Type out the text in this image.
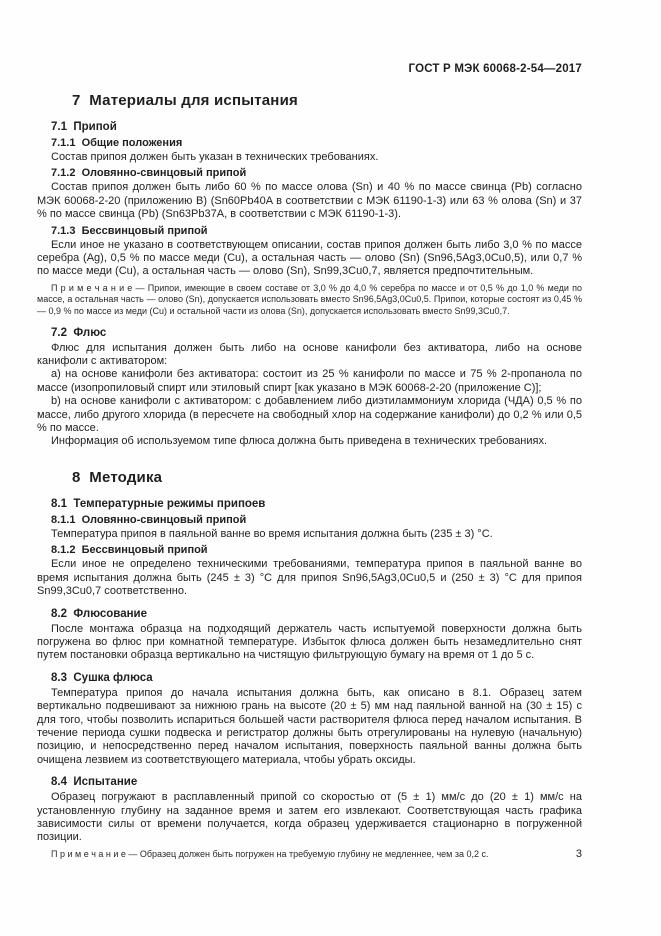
ГОСТ Р МЭК 60068-2-54—2017
7  Материалы для испытания
7.1  Припой
7.1.1  Общие положения

Состав припоя должен быть указан в технических требованиях.

7.1.2  Оловянно-свинцовый припой

Состав припоя должен быть либо 60 % по массе олова (Sn) и 40 % по массе свинца (Pb) согласно МЭК 60068-2-20 (приложению B) (Sn60Pb40A в соответствии с МЭК 61190-1-3) или 63 % олова (Sn) и 37 % по массе свинца (Pb) (Sn63Pb37A, в соответствии с МЭК 61190-1-3).

7.1.3  Бессвинцовый припой

Если иное не указано в соответствующем описании, состав припоя должен быть либо 3,0 % по массе серебра (Ag), 0,5 % по массе меди (Cu), а остальная часть — олово (Sn) (Sn96,5Ag3,0Cu0,5), или 0,7 % по массе меди (Cu), а остальная часть — олово (Sn), Sn99,3Cu0,7, является предпочтительным.

П р и м е ч а н и е — Припои, имеющие в своем составе от 3,0 % до 4,0 % серебра по массе и от 0,5 % до 1,0 % меди по массе, а остальная часть — олово (Sn), допускается использовать вместо Sn96,5Ag3,0Cu0,5. Припои, которые состоят из 0,45 % — 0,9 % по массе из меди (Cu) и остальной части из олова (Sn), допускается использовать вместо Sn99,3Cu0,7.

7.2  Флюс

Флюс для испытания должен быть либо на основе канифоли без активатора, либо на основе канифоли с активатором:

a) на основе канифоли без активатора: состоит из 25 % канифоли по массе и 75 % 2-пропанола по массе (изопропиловый спирт или этиловый спирт [как указано в МЭК 60068-2-20 (приложение C)];

b) на основе канифоли с активатором: с добавлением либо диэтиламмониум хлорида (ЧДА) 0,5 % по массе, либо другого хлорида (в пересчете на свободный хлор на содержание канифоли) до 0,2 % или 0,5 % по массе.

Информация об используемом типе флюса должна быть приведена в технических требованиях.

8  Методика
8.1  Температурные режимы припоев
8.1.1  Оловянно-свинцовый припой

Температура припоя в паяльной ванне во время испытания должна быть (235 ± 3) °C.

8.1.2  Бессвинцовый припой

Если иное не определено техническими требованиями, температура припоя в паяльной ванне во время испытания должна быть (245 ± 3) °C для припоя Sn96,5Ag3,0Cu0,5 и (250 ± 3) °C для припоя Sn99,3Cu0,7 соответственно.

8.2  Флюсование

После монтажа образца на подходящий держатель часть испытуемой поверхности должна быть погружена во флюс при комнатной температуре. Избыток флюса должен быть незамедлительно снят путем постановки образца вертикально на чистящую фильтрующую бумагу на время от 1 до 5 с.

8.3  Сушка флюса

Температура припоя до начала испытания должна быть, как описано в 8.1. Образец затем вертикально подвешивают за нижнюю грань на высоте (20 ± 5) мм над паяльной ванной на (30 ± 15) с для того, чтобы позволить испариться большей части растворителя флюса перед началом испытания. В течение периода сушки подвеска и регистратор должны быть отрегулированы на нулевую (начальную) позицию, и непосредственно перед началом испытания, поверхность паяльной ванны должна быть очищена лезвием из соответствующего материала, чтобы убрать оксиды.

8.4  Испытание

Образец погружают в расплавленный припой со скоростью от (5 ± 1) мм/с до (20 ± 1) мм/с на установленную глубину на заданное время и затем его извлекают. Соответствующая часть графика зависимости силы от времени получается, когда образец удерживается стационарно в погруженной позиции.

П р и м е ч а н и е — Образец должен быть погружен на требуемую глубину не медленнее, чем за 0,2 с.	3
